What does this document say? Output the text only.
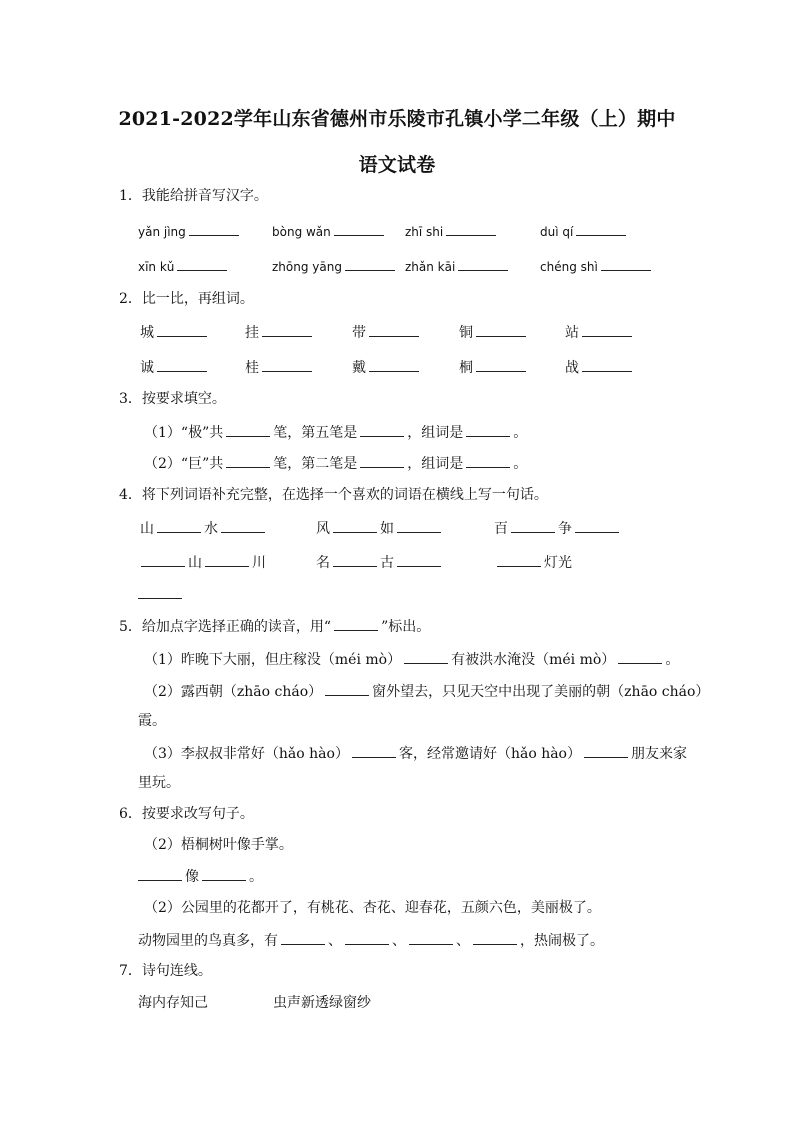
2021-2022学年山东省德州市乐陵市孔镇小学二年级（上）期中
语文试卷
1．我能给拼音写汉字。
yǎn jìng	bòng wǎn	zhī shi	duì qí
xīn kǔ	zhōng yāng	zhǎn kāi	chéng shì
2．比一比，再组词。
城	挂	带	铜	站
诚	桂	戴	桐	战
3．按要求填空。
（1）“极”共	笔，第五笔是	，组词是	。
（2）“巨”共	笔，第二笔是	，组词是	。
4．将下列词语补充完整，在选择一个喜欢的词语在横线上写一句话。
山	水	风	如	百	争
山	川	名	古	灯光
5．给加点字选择正确的读音，用“	”标出。
（1）昨晚下大丽，但庄稼没（méi mò）	有被洪水淹没（méi mò）	。
（2）露西朝（zhāo cháo）	窗外望去，只见天空中出现了美丽的朝（zhāo cháo）
霞。
（3）李叔叔非常好（hǎo hào）	客，经常邀请好（hǎo hào）	朋友来家
里玩。
6．按要求改写句子。
（2）梧桐树叶像手掌。
像	。
（2）公园里的花都开了，有桃花、杏花、迎春花，五颜六色，美丽极了。
动物园里的鸟真多，有	、	、	、	，热闹极了。
7．诗句连线。
海内存知己	虫声新透绿窗纱
